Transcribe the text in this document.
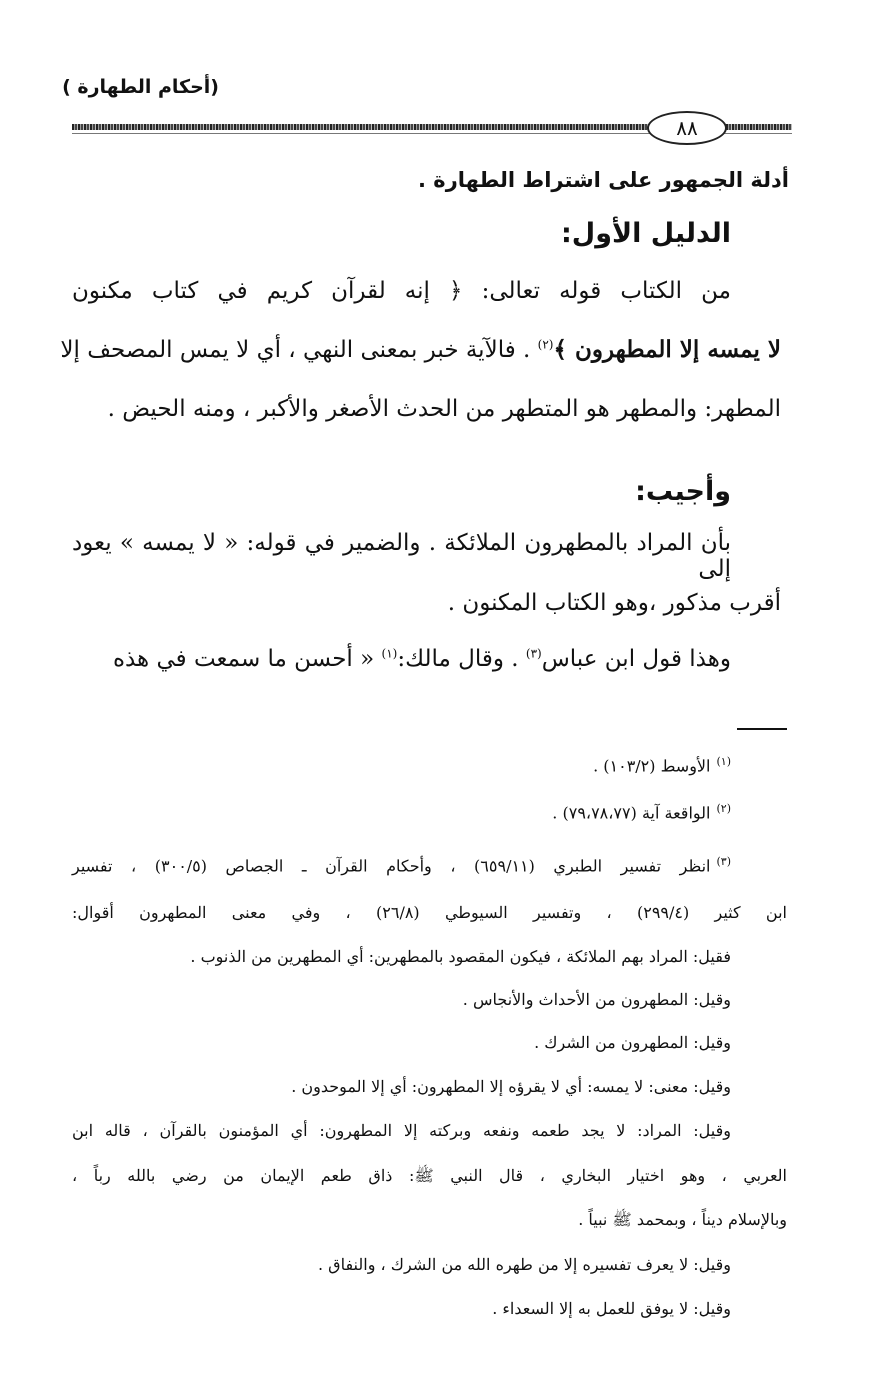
(أحكام الطهارة )
٨٨
أدلة الجمهور على اشتراط الطهارة .
الدليل الأول:
من الكتاب قوله تعالى: ﴿ إنه لقرآن كريم في كتاب مكنون
لا يمسه إلا المطهرون ﴾$^{(٢)}$ . فالآية خبر بمعنى النهي ، أي لا يمس المصحف إلا
المطهر: والمطهر هو المتطهر من الحدث الأصغر والأكبر ، ومنه الحيض .
وأجيب:
بأن المراد بالمطهرون الملائكة . والضمير في قوله: « لا يمسه » يعود إلى
أقرب مذكور ،وهو الكتاب المكنون .
وهذا قول ابن عباس$^{(٣)}$ . وقال مالك:$^{(١)}$ « أحسن ما سمعت في هذه
$^{(١)}$الأوسط (١٠٣/٢) .
$^{(٢)}$الواقعة آية (٧٩،٧٨،٧٧) .
$^{(٣)}$انظر تفسير الطبري (٦٥٩/١١) ، وأحكام القرآن ـ الجصاص (٣٠٠/٥) ، تفسير
ابن كثير (٢٩٩/٤) ، وتفسير السيوطي (٢٦/٨) ، وفي معنى المطهرون أقوال:
فقيل: المراد بهم الملائكة ، فيكون المقصود بالمطهرين: أي المطهرين من الذنوب .
وقيل: المطهرون من الأحداث والأنجاس .
وقيل: المطهرون من الشرك .
وقيل: معنى: لا يمسه: أي لا يقرؤه إلا المطهرون: أي إلا الموحدون .
وقيل: المراد: لا يجد طعمه ونفعه وبركته إلا المطهرون: أي المؤمنون بالقرآن ، قاله ابن
العربي ، وهو اختيار البخاري ، قال النبي ﷺ: ذاق طعم الإيمان من رضي بالله رباً ،
وبالإسلام ديناً ، وبمحمد ﷺ نبياً .
وقيل: لا يعرف تفسيره إلا من طهره الله من الشرك ، والنفاق .
وقيل: لا يوفق للعمل به إلا السعداء .
